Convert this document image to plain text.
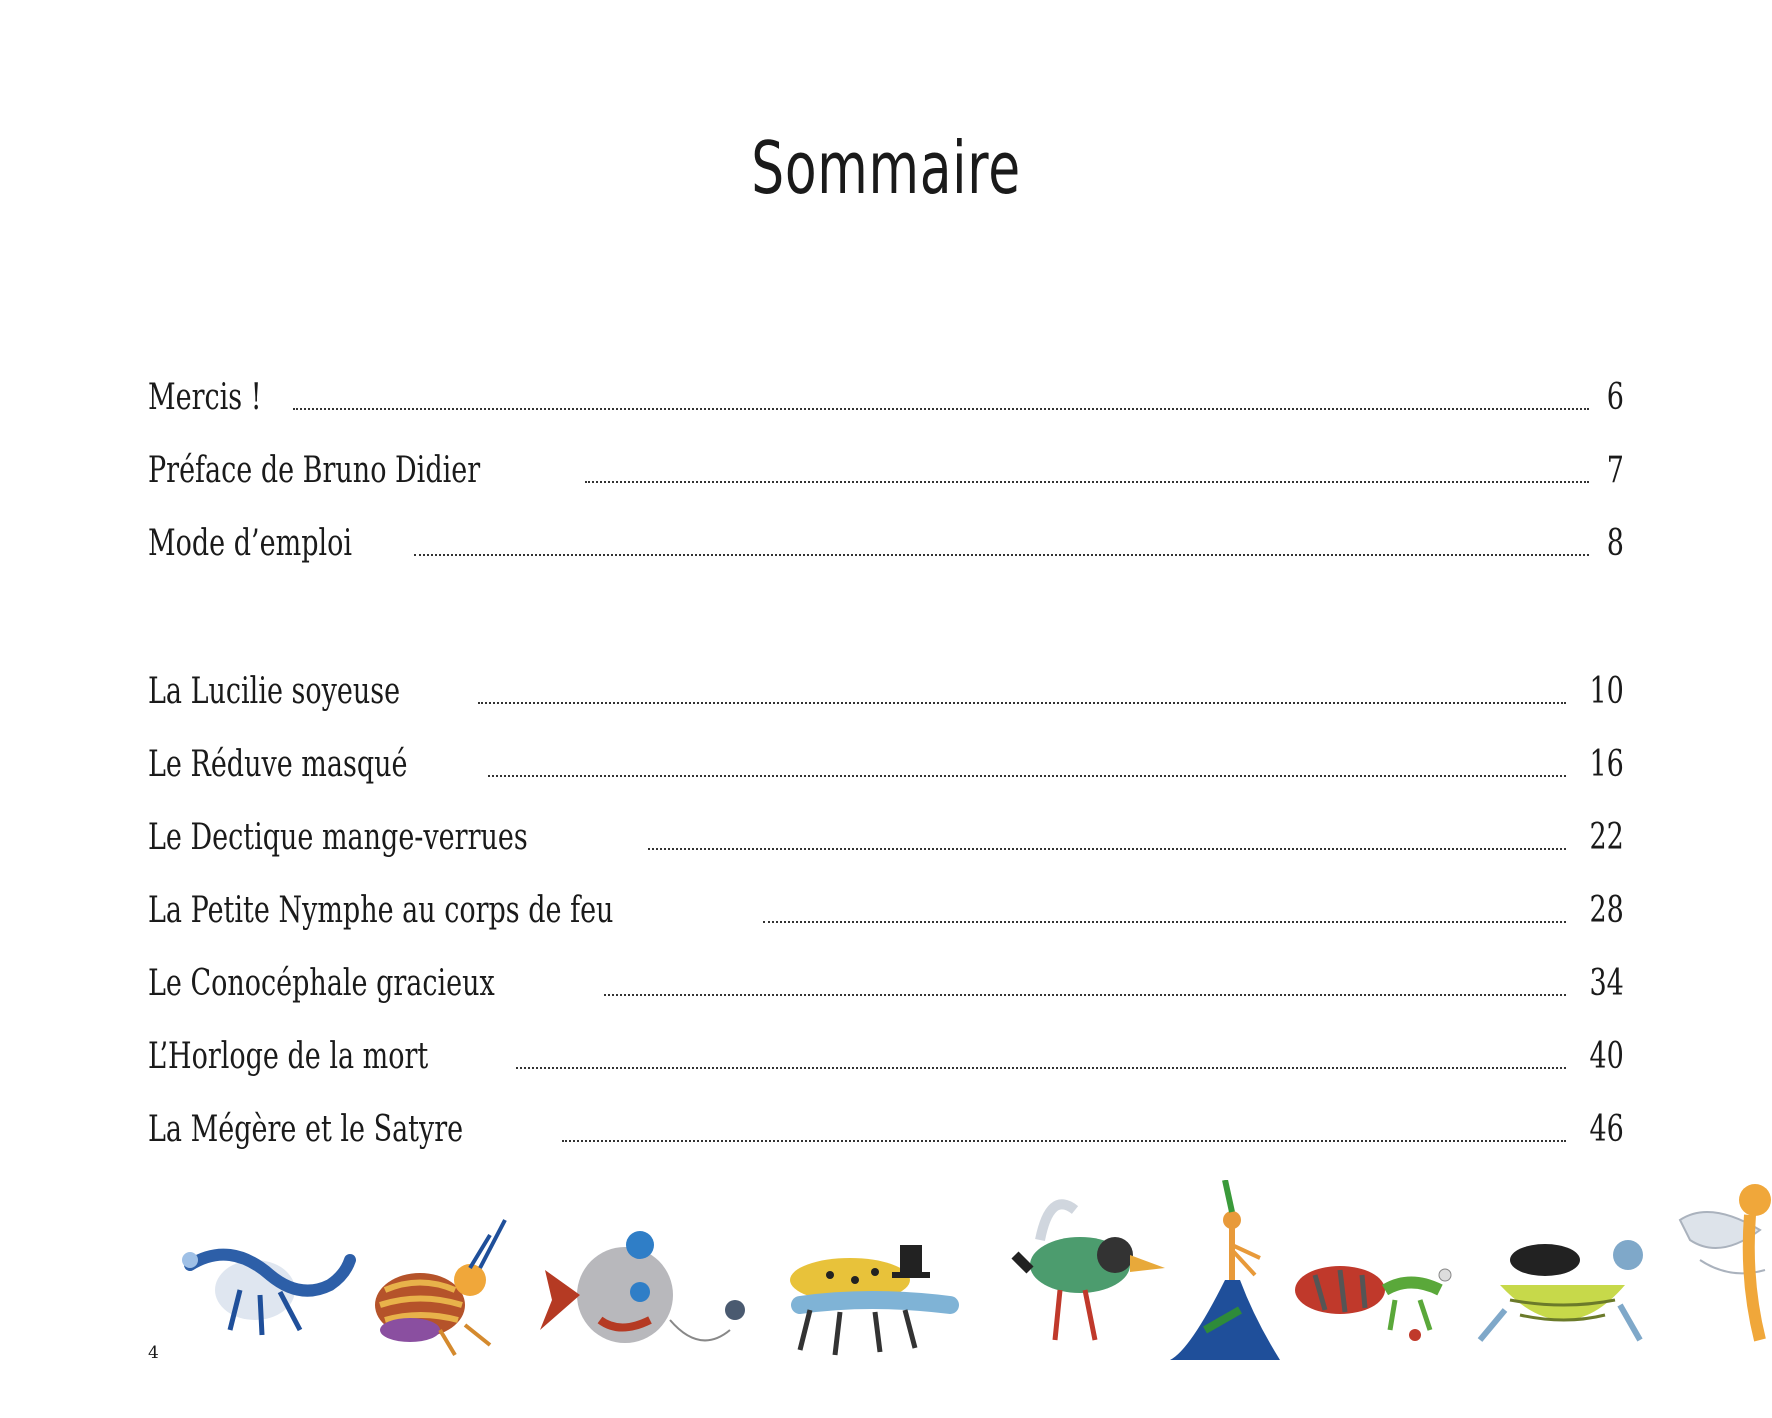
Sommaire
Mercis !	6
Préface de Bruno Didier	7
Mode d’emploi	8
La Lucilie soyeuse	10
Le Réduve masqué	16
Le Dectique mange-verrues	22
La Petite Nymphe au corps de feu	28
Le Conocéphale gracieux	34
L’Horloge de la mort	40
La Mégère et le Satyre	46
4
